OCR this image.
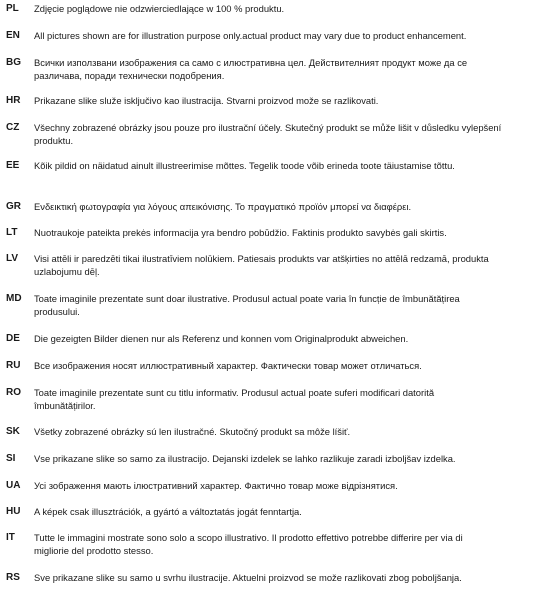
PL	Zdjęcie poglądowe nie odzwierciedlające w 100 % produktu.
EN	All pictures shown are for illustration purpose only.actual product may vary due to product enhancement.
BG	Всички използвани изображения са само с илюстративна цел. Действителният продукт може да се
различава, поради технически подобрения.
HR	Prikazane slike služe isključivo kao ilustracija. Stvarni proizvod može se razlikovati.
CZ	Všechny zobrazené obrázky jsou pouze pro ilustrační účely. Skutečný produkt se může lišit v důsledku vylepšení
produktu.
EE	Kõik pildid on näidatud ainult illustreerimise mõttes. Tegelik toode võib erineda toote täiustamise tõttu.
GR	Ενδεικτική φωτογραφία για λόγους απεικόνισης. Το πραγματικό προϊόν μπορεί να διαφέρει.
LT	Nuotraukoje pateikta prekės informacija yra bendro pobūdžio. Faktinis produkto savybės gali skirtis.
LV	Visi attēli ir paredzēti tikai ilustratīviem nolūkiem. Patiesais produkts var atšķirties no attēlā redzamā, produkta
uzlabojumu dēļ.
MD	Toate imaginile prezentate sunt doar ilustrative. Produsul actual poate varia în funcție de îmbunătățirea
produsului.
DE	Die gezeigten Bilder dienen nur als Referenz und konnen vom Originalprodukt abweichen.
RU	Все изображения носят иллюстративный характер. Фактически товар может отличаться.
RO	Toate imaginile prezentate sunt cu titlu informativ. Produsul actual poate suferi modificari datorită
îmbunătățirilor.
SK	Všetky zobrazené obrázky sú len ilustračné. Skutočný produkt sa môže líšiť.
SI	Vse prikazane slike so samo za ilustracijo. Dejanski izdelek se lahko razlikuje zaradi izboljšav izdelka.
UA	Усі зображення мають ілюстративний характер. Фактично товар може відрізнятися.
HU	A képek csak illusztrációk, a gyártó a változtatás jogát fenntartja.
IT	Tutte le immagini mostrate sono solo a scopo illustrativo. Il prodotto effettivo potrebbe differire per via di
migliorie del prodotto stesso.
RS	Sve prikazane slike su samo u svrhu ilustracije. Aktuelni proizvod se može razlikovati zbog poboljšanja.
